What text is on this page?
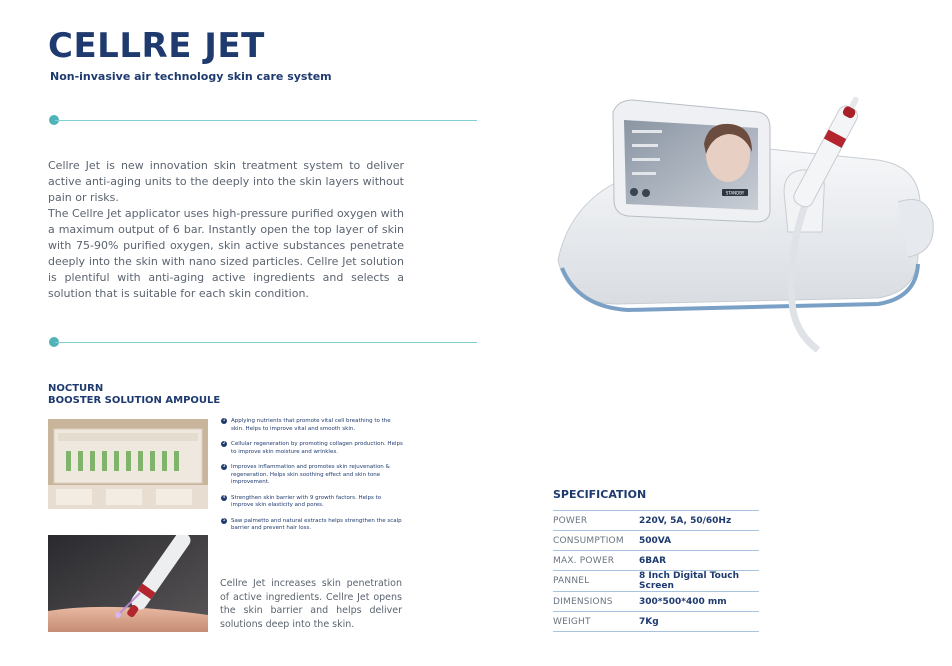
CELLRE JET
Non-invasive air technology skin care system
Cellre Jet is new innovation skin treatment system to deliver active anti-aging units to the deeply into the skin layers without pain or risks.
The Cellre Jet applicator uses high-pressure purified oxygen with a maximum output of 6 bar. Instantly open the top layer of skin with 75-90% purified oxygen, skin active substances penetrate deeply into the skin with nano sized particles. Cellre Jet solution is plentiful with anti-aging active ingredients and selects a solution that is suitable for each skin condition.
STANDBY
NOCTURN
BOOSTER SOLUTION AMPOULE
1 Applying nutrients that promote vital cell breathing to the skin. Helps to improve vital and smooth skin.
2 Cellular regeneration by promoting collagen production. Helps to improve skin moisture and wrinkles.
3 Improves inflammation and promotes skin rejuvenation & regeneration. Helps skin soothing effect and skin tone improvement.
4 Strengthen skin barrier with 9 growth factors. Helps to improve skin elasticity and pores.
5 Saw palmetto and natural extracts helps strengthen the scalp barrier and prevent hair loss.
Cellre Jet increases skin penetration of active ingredients. Cellre Jet opens the skin barrier and helps deliver solutions deep into the skin.
SPECIFICATION
POWER	220V, 5A, 50/60Hz
CONSUMPTIOM	500VA
MAX. POWER	6BAR
PANNEL	8 Inch Digital Touch Screen
DIMENSIONS	300*500*400 mm
WEIGHT	7Kg
